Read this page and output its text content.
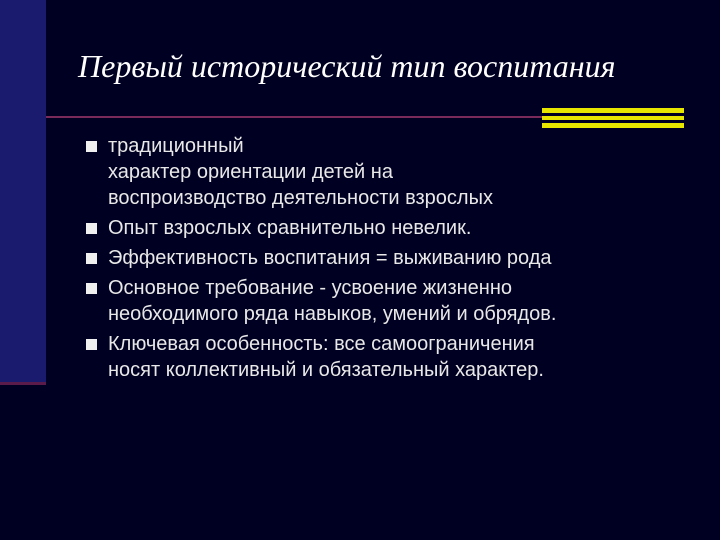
Первый исторический тип воспитания
традиционный
характер ориентации детей на
воспроизводство деятельности взрослых
Опыт взрослых сравнительно невелик.
Эффективность воспитания = выживанию рода
Основное требование - усвоение жизненно
необходимого ряда навыков, умений и обрядов.
Ключевая особенность: все самоограничения
носят коллективный и обязательный характер.
